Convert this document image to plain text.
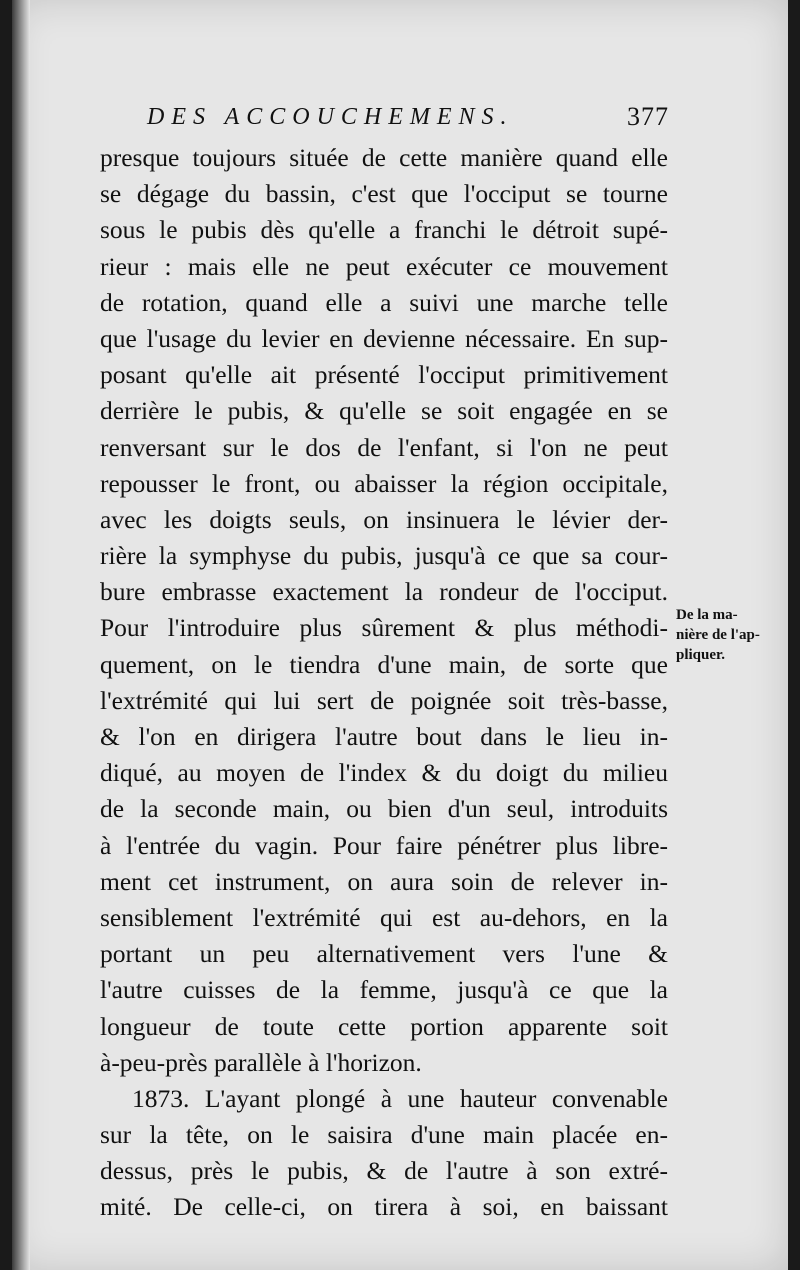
DES ACCOUCHEMENS.	377
presque toujours située de cette manière quand elle
se dégage du bassin, c'est que l'occiput se tourne
sous le pubis dès qu'elle a franchi le détroit supé-
rieur : mais elle ne peut exécuter ce mouvement
de rotation, quand elle a suivi une marche telle
que l'usage du levier en devienne nécessaire. En sup-
posant qu'elle ait présenté l'occiput primitivement
derrière le pubis, & qu'elle se soit engagée en se
renversant sur le dos de l'enfant, si l'on ne peut
repousser le front, ou abaisser la région occipitale,
avec les doigts seuls, on insinuera le lévier der-
rière la symphyse du pubis, jusqu'à ce que sa cour-
bure embrasse exactement la rondeur de l'occiput.
Pour l'introduire plus sûrement & plus méthodi-
quement, on le tiendra d'une main, de sorte que
l'extrémité qui lui sert de poignée soit très-basse,
& l'on en dirigera l'autre bout dans le lieu in-
diqué, au moyen de l'index & du doigt du milieu
de la seconde main, ou bien d'un seul, introduits
à l'entrée du vagin. Pour faire pénétrer plus libre-
ment cet instrument, on aura soin de relever in-
sensiblement l'extrémité qui est au-dehors, en la
portant un peu alternativement vers l'une &
l'autre cuisses de la femme, jusqu'à ce que la
longueur de toute cette portion apparente soit
à-peu-près parallèle à l'horizon.
1873. L'ayant plongé à une hauteur convenable
sur la tête, on le saisira d'une main placée en-
dessus, près le pubis, & de l'autre à son extré-
mité. De celle-ci, on tirera à soi, en baissant
De la ma-
nière de l'ap-
pliquer.
